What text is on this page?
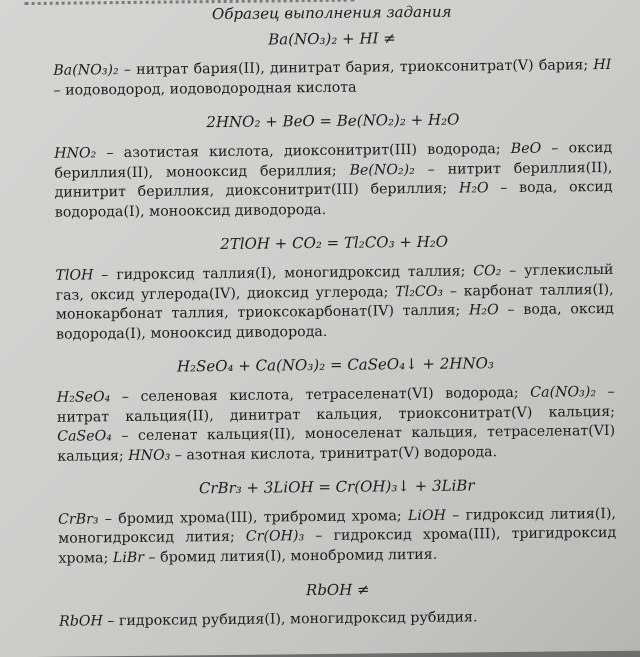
Образец выполнения задания
Ba(NO₃)₂ + HI ≠
Ba(NO₃)₂ – нитрат бария(II), динитрат бария, триоксонитрат(V) бария; HI – иодоводород, иодоводородная кислота
2HNO₂ + BeO = Be(NO₂)₂ + H₂O
HNO₂ – азотистая кислота, диоксонитрит(III) водорода; BeO – оксид бериллия(II), монооксид бериллия; Be(NO₂)₂ – нитрит бериллия(II), динитрит бериллия, диоксонитрит(III) бериллия; H₂O – вода, оксид водорода(I), монооксид диводорода.
2TlOH + CO₂ = Tl₂CO₃ + H₂O
TlOH – гидроксид таллия(I), моногидроксид таллия; CO₂ – углекислый газ, оксид углерода(IV), диоксид углерода; Tl₂CO₃ – карбонат таллия(I), монокарбонат таллия, триоксокарбонат(IV) таллия; H₂O – вода, оксид водорода(I), монооксид диводорода.
H₂SeO₄ + Ca(NO₃)₂ = CaSeO₄↓ + 2HNO₃
H₂SeO₄ – селеновая кислота, тетраселенат(VI) водорода; Ca(NO₃)₂ – нитрат кальция(II), динитрат кальция, триоксонитрат(V) кальция; CaSeO₄ – селенат кальция(II), моноселенат кальция, тетраселенат(VI) кальция; HNO₃ – азотная кислота, тринитрат(V) водорода.
CrBr₃ + 3LiOH = Cr(OH)₃↓ + 3LiBr
CrBr₃ – бромид хрома(III), трибромид хрома; LiOH – гидроксид лития(I), моногидроксид лития; Cr(OH)₃ – гидроксид хрома(III), тригидроксид хрома; LiBr – бромид лития(I), монобромид лития.
RbOH ≠
RbOH – гидроксид рубидия(I), моногидроксид рубидия.
